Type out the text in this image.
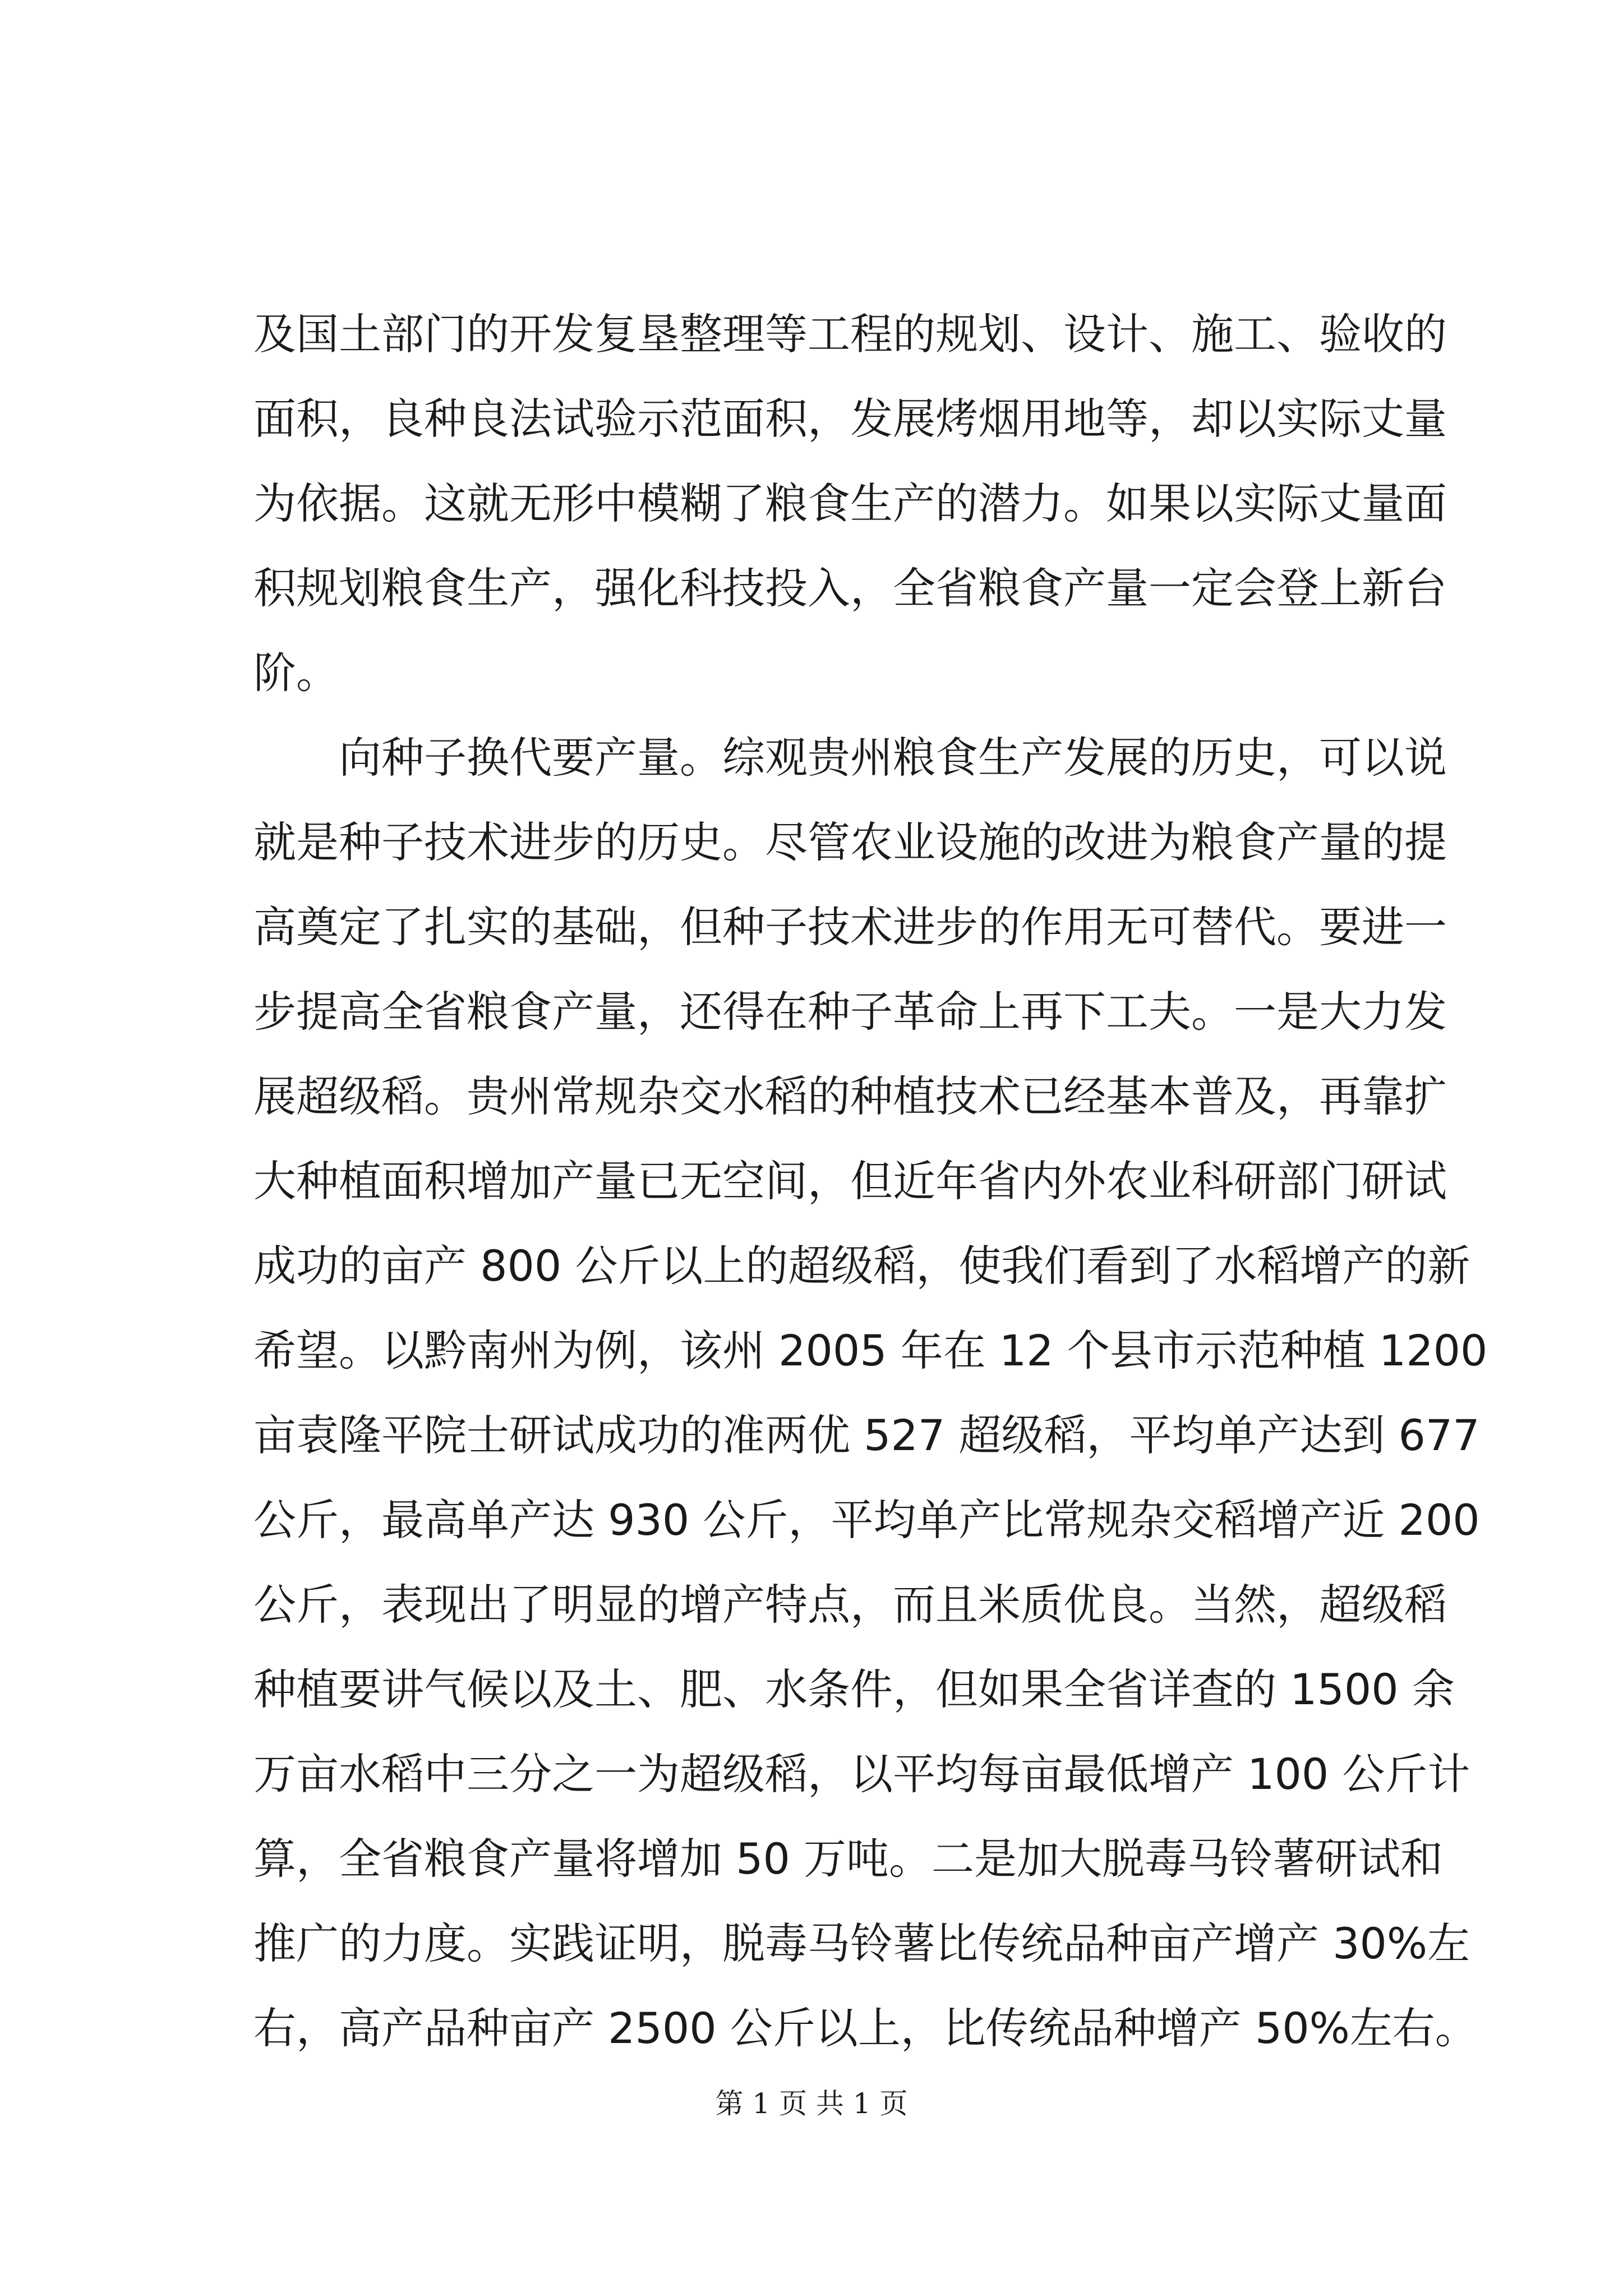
及国土部门的开发复垦整理等工程的规划、设计、施工、验收的
面积，良种良法试验示范面积，发展烤烟用地等，却以实际丈量
为依据。这就无形中模糊了粮食生产的潜力。如果以实际丈量面
积规划粮食生产，强化科技投入，全省粮食产量一定会登上新台
阶。
向种子换代要产量。综观贵州粮食生产发展的历史，可以说
就是种子技术进步的历史。尽管农业设施的改进为粮食产量的提
高奠定了扎实的基础，但种子技术进步的作用无可替代。要进一
步提高全省粮食产量，还得在种子革命上再下工夫。一是大力发
展超级稻。贵州常规杂交水稻的种植技术已经基本普及，再靠扩
大种植面积增加产量已无空间，但近年省内外农业科研部门研试
成功的亩产 800 公斤以上的超级稻，使我们看到了水稻增产的新
希望。以黔南州为例，该州 2005 年在 12 个县市示范种植 1200
亩袁隆平院士研试成功的准两优 527 超级稻，平均单产达到 677
公斤，最高单产达 930 公斤，平均单产比常规杂交稻增产近 200
公斤，表现出了明显的增产特点，而且米质优良。当然，超级稻
种植要讲气候以及土、肥、水条件，但如果全省详查的 1500 余
万亩水稻中三分之一为超级稻，以平均每亩最低增产 100 公斤计
算，全省粮食产量将增加 50 万吨。二是加大脱毒马铃薯研试和
推广的力度。实践证明，脱毒马铃薯比传统品种亩产增产 30%左
右，高产品种亩产 2500 公斤以上，比传统品种增产 50%左右。
第 1 页 共 1 页
